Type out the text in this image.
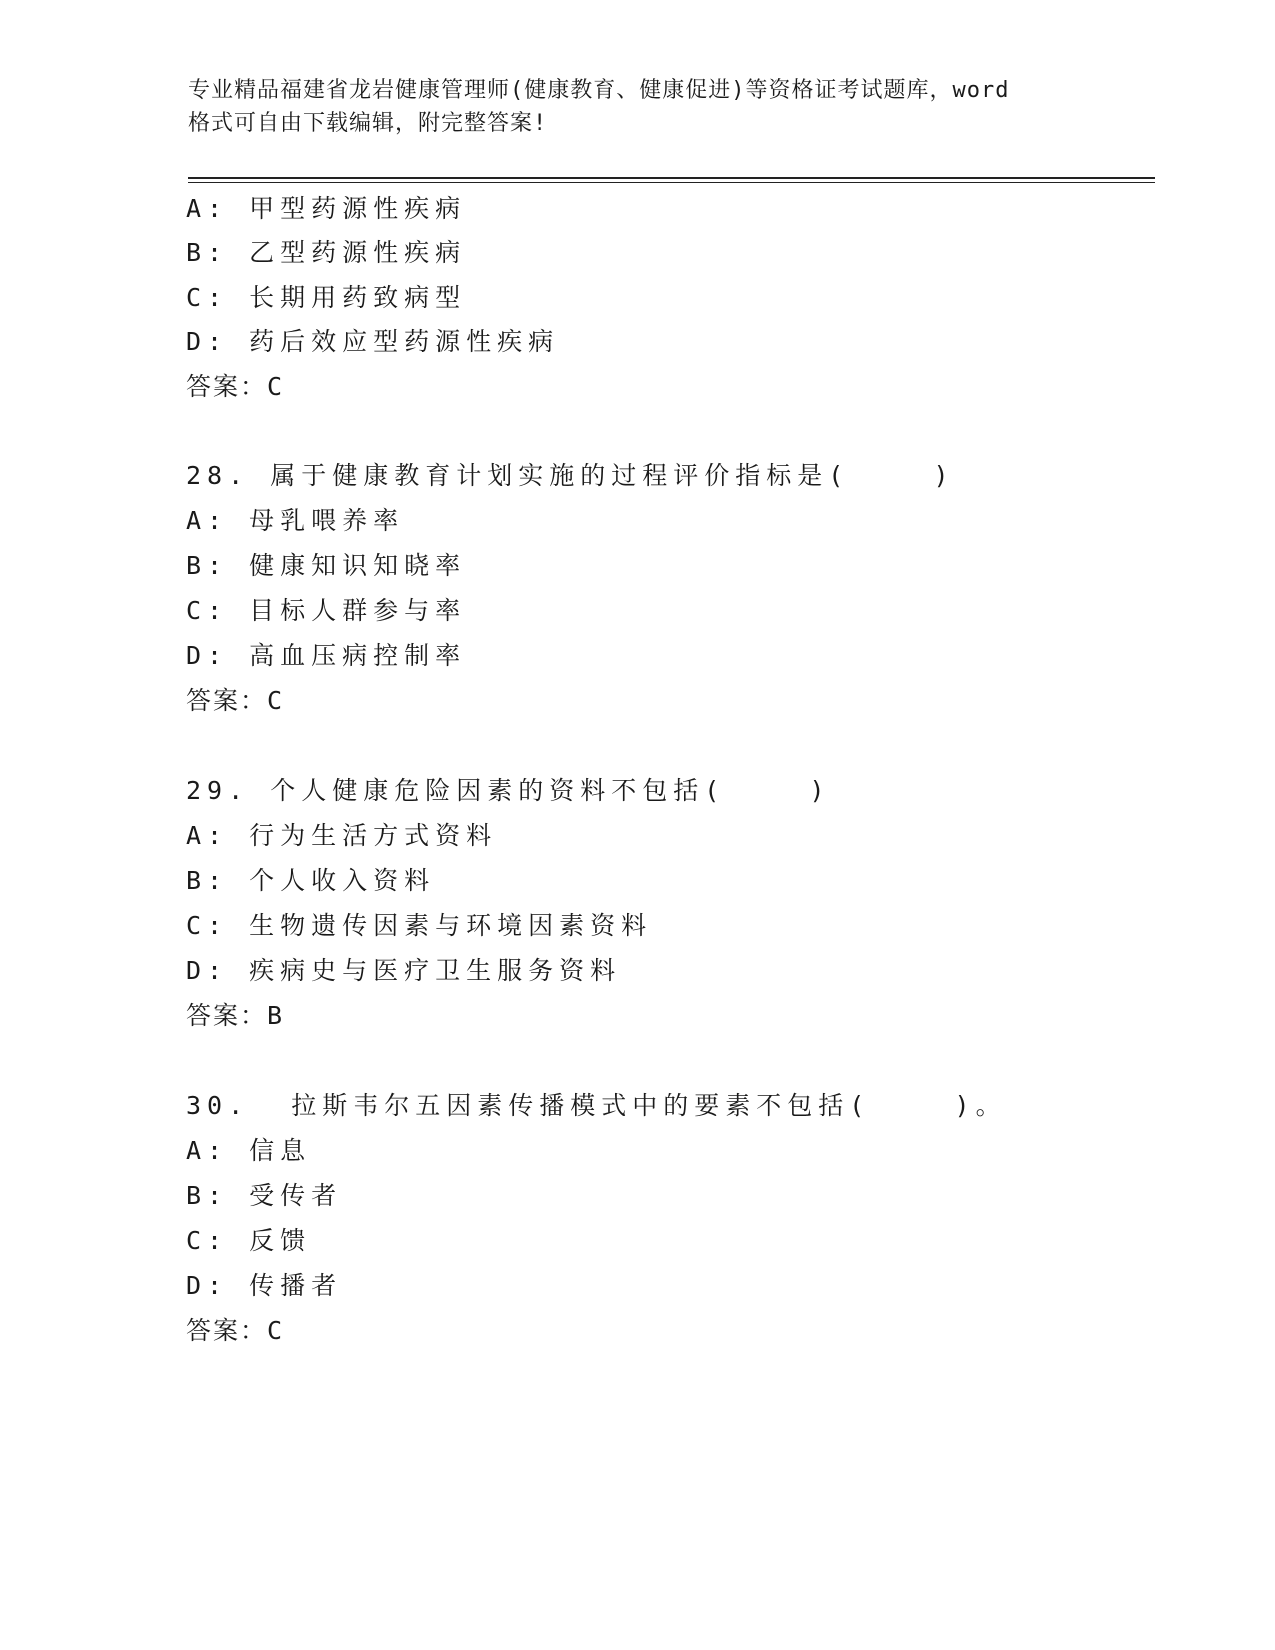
专业精品福建省龙岩健康管理师(健康教育、健康促进)等资格证考试题库，word
格式可自由下载编辑，附完整答案!
A: 甲型药源性疾病
B: 乙型药源性疾病
C: 长期用药致病型
D: 药后效应型药源性疾病
答案：C
28. 属于健康教育计划实施的过程评价指标是(    )
A: 母乳喂养率
B: 健康知识知晓率
C: 目标人群参与率
D: 高血压病控制率
答案：C
29. 个人健康危险因素的资料不包括(    )
A: 行为生活方式资料
B: 个人收入资料
C: 生物遗传因素与环境因素资料
D: 疾病史与医疗卫生服务资料
答案：B
30.  拉斯韦尔五因素传播模式中的要素不包括(    )。
A: 信息
B: 受传者
C: 反馈
D: 传播者
答案：C
